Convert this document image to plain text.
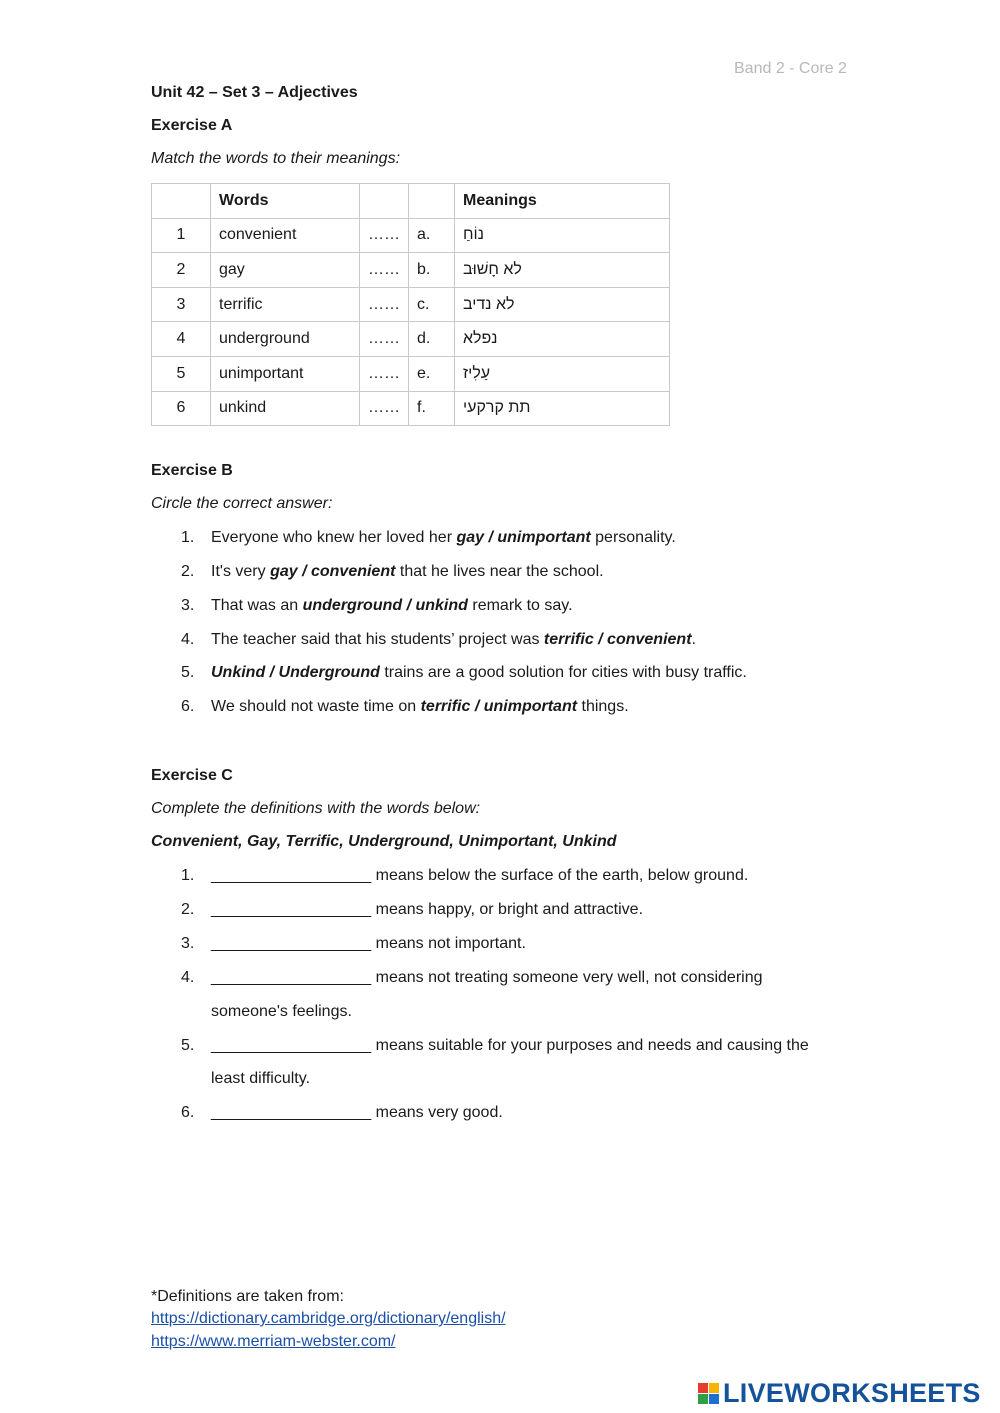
Band 2 - Core 2
Unit 42 – Set 3 – Adjectives
Exercise A
Match the words to their meanings:
	Words			Meanings
1	convenient	……	a.	נוֹחַ
2	gay	……	b.	לא חָשׁוּב
3	terrific	……	c.	לא נדיב
4	underground	……	d.	נפלא
5	unimportant	……	e.	עַלִיז
6	unkind	……	f.	תת קרקעי
Exercise B
Circle the correct answer:
1. Everyone who knew her loved her gay / unimportant personality.
2. It's very gay / convenient that he lives near the school.
3. That was an underground / unkind remark to say.
4. The teacher said that his students’ project was terrific / convenient.
5. Unkind / Underground trains are a good solution for cities with busy traffic.
6. We should not waste time on terrific / unimportant things.
Exercise C
Complete the definitions with the words below:
Convenient, Gay, Terrific, Underground, Unimportant, Unkind
1. __________________ means below the surface of the earth, below ground.
2. __________________ means happy, or bright and attractive.
3. __________________ means not important.
4. __________________ means not treating someone very well, not considering
someone's feelings.
5. __________________ means suitable for your purposes and needs and causing the
least difficulty.
6. __________________ means very good.
*Definitions are taken from:
https://dictionary.cambridge.org/dictionary/english/
https://www.merriam-webster.com/
LIVEWORKSHEETS
